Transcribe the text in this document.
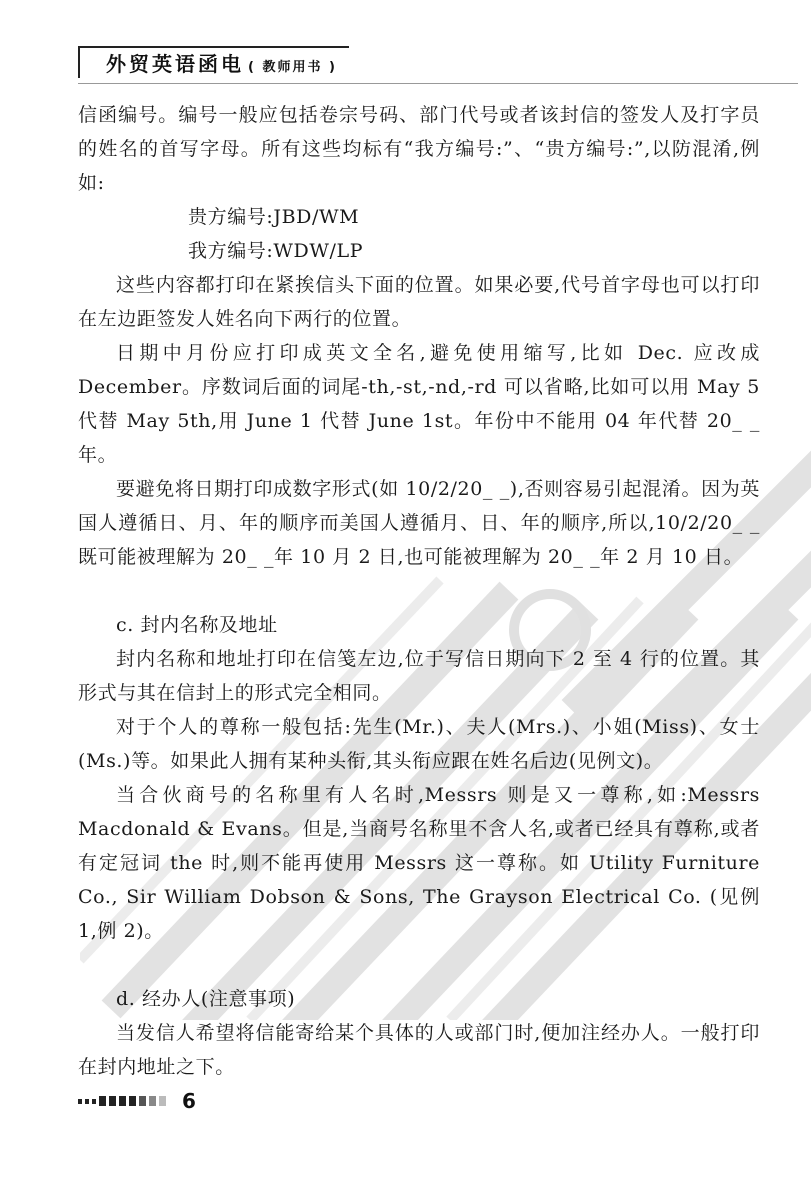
外贸英语函电 ( 教师用书 )

信函编号。编号一般应包括卷宗号码、部门代号或者该封信的签发人及打字员的姓名的首写字母。所有这些均标有“我方编号:”、“贵方编号:”,以防混淆,例如:

贵方编号:JBD/WM

我方编号:WDW/LP

这些内容都打印在紧挨信头下面的位置。如果必要,代号首字母也可以打印在左边距签发人姓名向下两行的位置。

日期中月份应打印成英文全名,避免使用缩写,比如 Dec. 应改成 December。序数词后面的词尾-th,-st,-nd,-rd 可以省略,比如可以用 May 5 代替 May 5th,用 June 1 代替 June 1st。年份中不能用 04 年代替 20_ _年。

要避免将日期打印成数字形式(如 10/2/20_ _),否则容易引起混淆。因为英国人遵循日、月、年的顺序而美国人遵循月、日、年的顺序,所以,10/2/20_ _既可能被理解为 20_ _年 10 月 2 日,也可能被理解为 20_ _年 2 月 10 日。

c. 封内名称及地址

封内名称和地址打印在信笺左边,位于写信日期向下 2 至 4 行的位置。其形式与其在信封上的形式完全相同。

对于个人的尊称一般包括:先生(Mr.)、夫人(Mrs.)、小姐(Miss)、女士(Ms.)等。如果此人拥有某种头衔,其头衔应跟在姓名后边(见例文)。

当合伙商号的名称里有人名时,Messrs 则是又一尊称,如:Messrs Macdonald & Evans。但是,当商号名称里不含人名,或者已经具有尊称,或者有定冠词 the 时,则不能再使用 Messrs 这一尊称。如 Utility Furniture Co., Sir William Dobson & Sons, The Grayson Electrical Co. (见例 1,例 2)。

d. 经办人(注意事项)

当发信人希望将信能寄给某个具体的人或部门时,便加注经办人。一般打印在封内地址之下。

6
